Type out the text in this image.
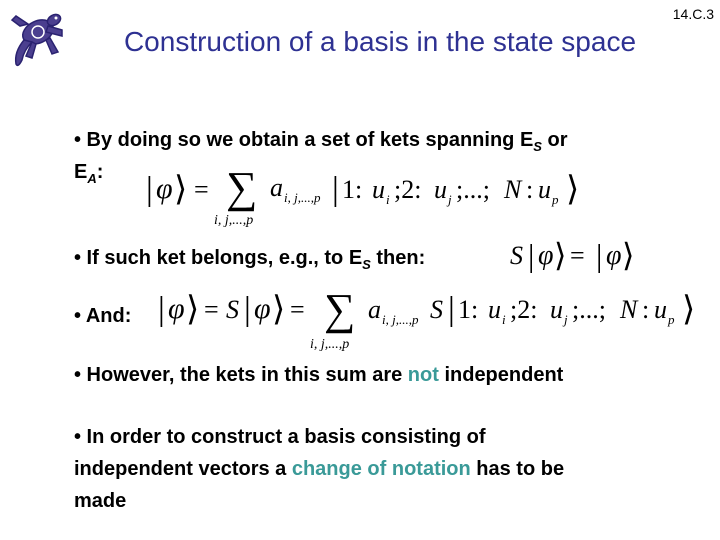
14.C.3
Construction of a basis in the state space
• By doing so we obtain a set of kets spanning $E_S$ or
$E_A$: | φ ⟩ = ∑
i, j,...,p
a i, j,...,p | 1: u i ;2: u j ;...; N : u p ⟩
• If such ket belongs, e.g., to $E_S$ then:	S | φ ⟩ = | φ ⟩
• And: | φ ⟩ = S | φ ⟩ = ∑
i, j,...,p
a i, j,...,p S | 1: u i ;2: u j ;...; N : u p ⟩
• However, the kets in this sum are not independent
• In order to construct a basis consisting of
independent vectors a change of notation has to be
made
